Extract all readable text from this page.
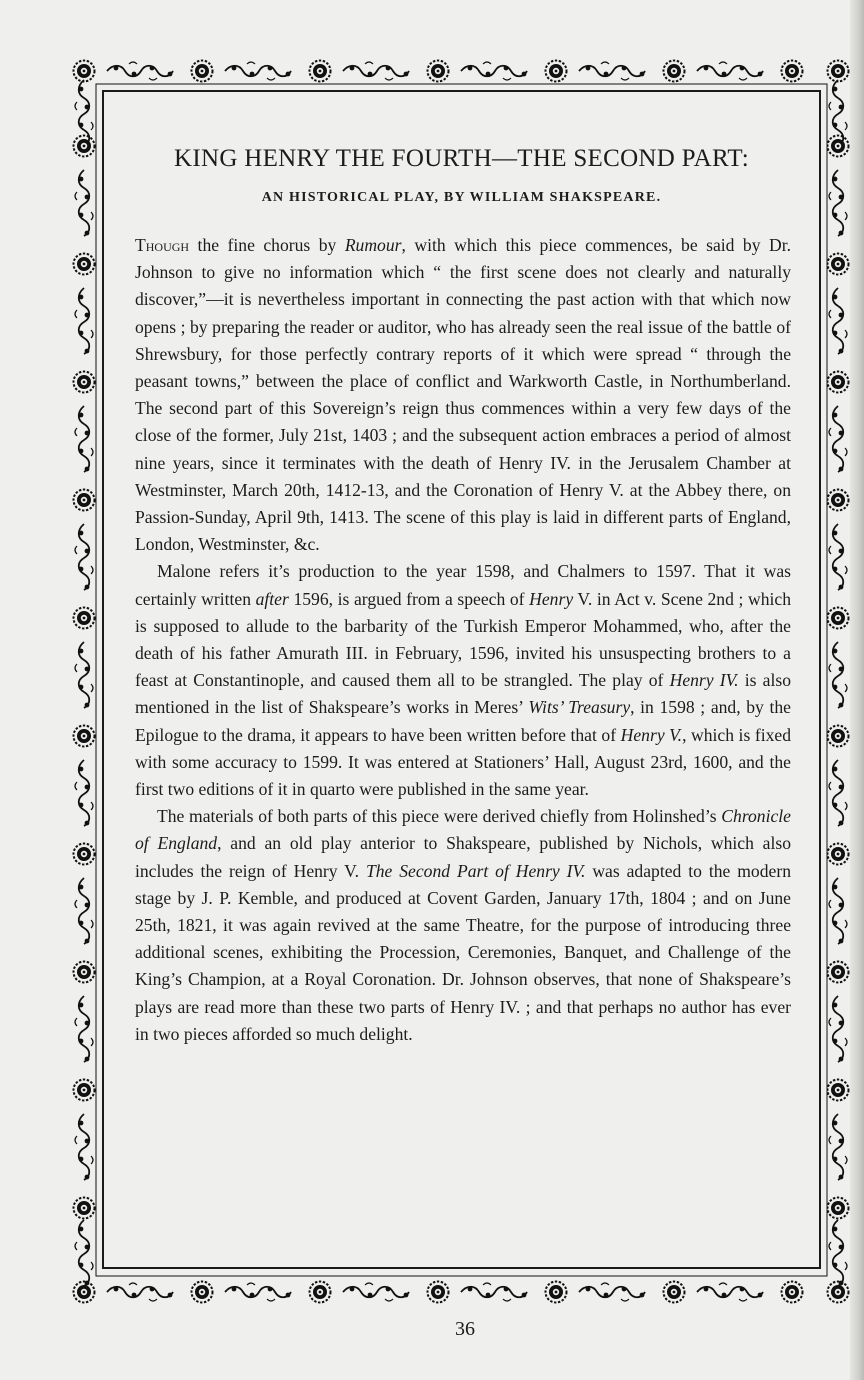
KING HENRY THE FOURTH—THE SECOND PART:
AN HISTORICAL PLAY, BY WILLIAM SHAKSPEARE.

Though the fine chorus by Rumour, with which this piece commences, be said by Dr. Johnson to give no information which “ the first scene does not clearly and naturally discover,”—it is nevertheless important in connecting the past action with that which now opens ; by preparing the reader or auditor, who has already seen the real issue of the battle of Shrewsbury, for those perfectly contrary reports of it which were spread “ through the peasant towns,” between the place of conflict and Warkworth Castle, in Northumberland. The second part of this Sovereign’s reign thus commences within a very few days of the close of the former, July 21st, 1403 ; and the subsequent action embraces a period of almost nine years, since it terminates with the death of Henry IV. in the Jerusalem Chamber at Westminster, March 20th, 1412-13, and the Coronation of Henry V. at the Abbey there, on Passion-Sunday, April 9th, 1413. The scene of this play is laid in different parts of England, London, Westminster, &c.

Malone refers it’s production to the year 1598, and Chalmers to 1597. That it was certainly written after 1596, is argued from a speech of Henry V. in Act v. Scene 2nd ; which is supposed to allude to the barbarity of the Turkish Emperor Mohammed, who, after the death of his father Amurath III. in February, 1596, invited his unsuspecting brothers to a feast at Constantinople, and caused them all to be strangled. The play of Henry IV. is also mentioned in the list of Shakspeare’s works in Meres’ Wits’ Treasury, in 1598 ; and, by the Epilogue to the drama, it appears to have been written before that of Henry V., which is fixed with some accuracy to 1599. It was entered at Stationers’ Hall, August 23rd, 1600, and the first two editions of it in quarto were published in the same year.

The materials of both parts of this piece were derived chiefly from Holinshed’s Chronicle of England, and an old play anterior to Shakspeare, published by Nichols, which also includes the reign of Henry V. The Second Part of Henry IV. was adapted to the modern stage by J. P. Kemble, and produced at Covent Garden, January 17th, 1804 ; and on June 25th, 1821, it was again revived at the same Theatre, for the purpose of introducing three additional scenes, exhibiting the Procession, Ceremonies, Banquet, and Challenge of the King’s Champion, at a Royal Coronation. Dr. Johnson observes, that none of Shakspeare’s plays are read more than these two parts of Henry IV. ; and that perhaps no author has ever in two pieces afforded so much delight.

36
